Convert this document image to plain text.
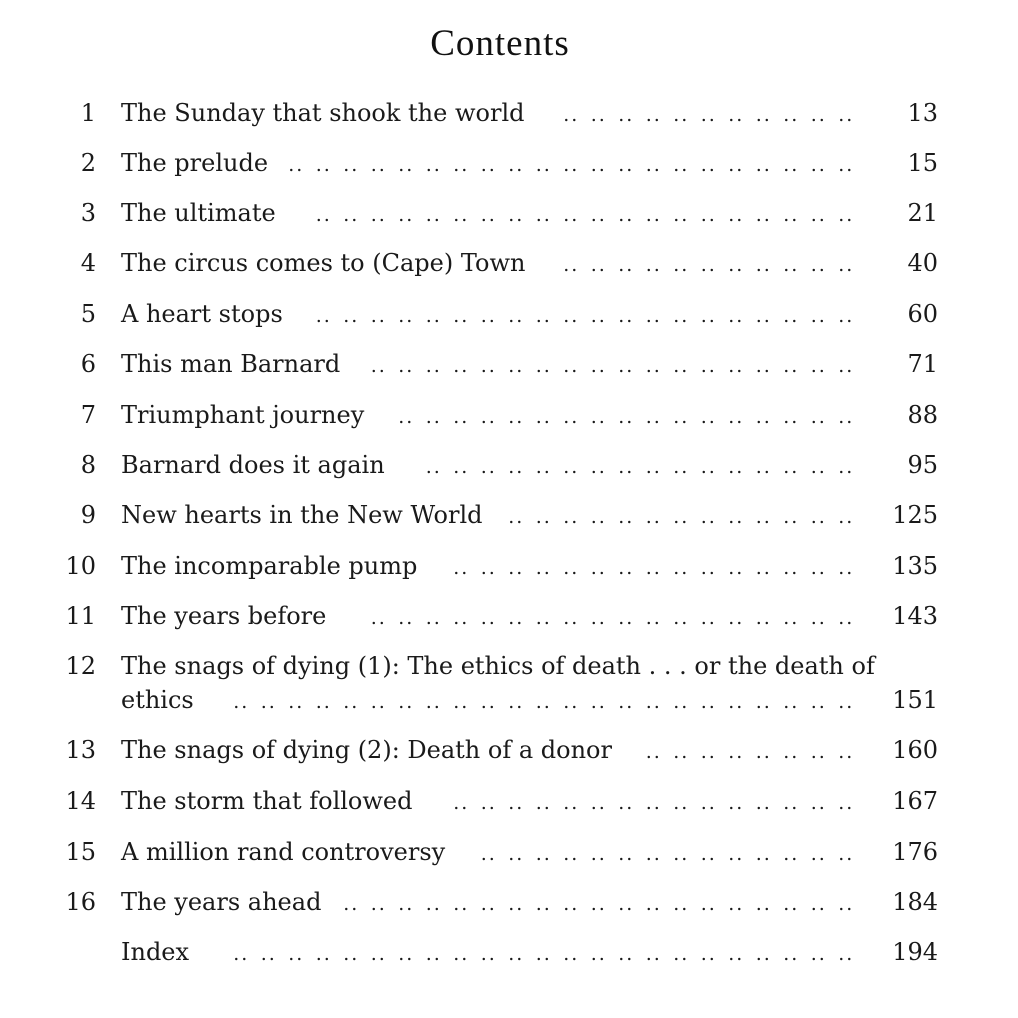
Contents
.. .. .. .. .. .. .. .. .. .. ..
1 The Sunday that shook the world	13
.. .. .. .. .. .. .. .. .. .. .. .. .. .. .. .. .. .. .. .. ..
2 The prelude	15
.. .. .. .. .. .. .. .. .. .. .. .. .. .. .. .. .. .. .. ..
3 The ultimate	21
.. .. .. .. .. .. .. .. .. .. ..
4 The circus comes to (Cape) Town	40
.. .. .. .. .. .. .. .. .. .. .. .. .. .. .. .. .. .. .. ..
5 A heart stops	60
.. .. .. .. .. .. .. .. .. .. .. .. .. .. .. .. .. ..
6 This man Barnard	71
.. .. .. .. .. .. .. .. .. .. .. .. .. .. .. .. ..
7 Triumphant journey	88
.. .. .. .. .. .. .. .. .. .. .. .. .. .. .. ..
8 Barnard does it again	95
.. .. .. .. .. .. .. .. .. .. .. .. ..
9 New hearts in the New World	125
.. .. .. .. .. .. .. .. .. .. .. .. .. .. ..
10 The incomparable pump	135
.. .. .. .. .. .. .. .. .. .. .. .. .. .. .. .. .. ..
11 The years before	143
12 The snags of dying (1): The ethics of death . . . or the death of
ethics	151
.. .. .. .. .. .. .. .. .. .. .. .. .. .. .. .. .. .. .. .. .. .. ..
.. .. .. .. .. .. .. ..
13 The snags of dying (2): Death of a donor	160
.. .. .. .. .. .. .. .. .. .. .. .. .. .. ..
14 The storm that followed	167
.. .. .. .. .. .. .. .. .. .. .. .. .. ..
15 A million rand controversy	176
.. .. .. .. .. .. .. .. .. .. .. .. .. .. .. .. .. .. ..
16 The years ahead	184
.. .. .. .. .. .. .. .. .. .. .. .. .. .. .. .. .. .. .. .. .. .. ..
Index	194
